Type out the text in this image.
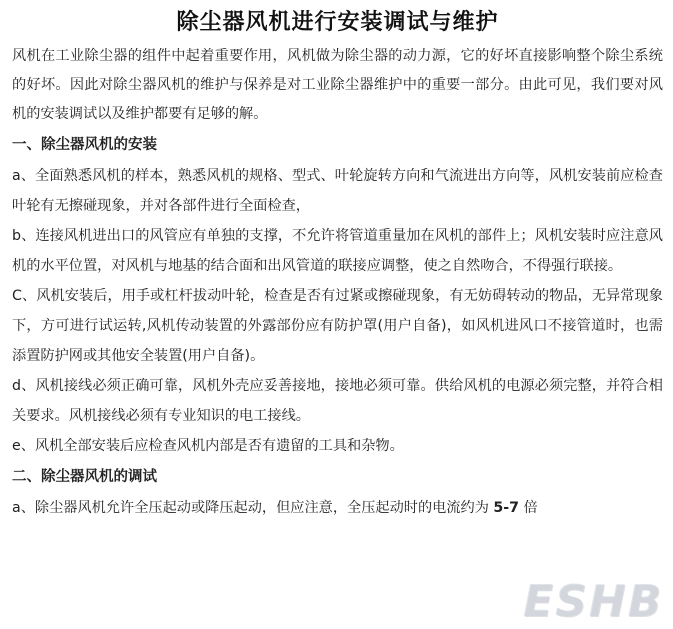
除尘器风机进行安装调试与维护

风机在工业除尘器的组件中起着重要作用，风机做为除尘器的动力源，它的好坏直接影响整个除尘系统的好坏。因此对除尘器风机的维护与保养是对工业除尘器维护中的重要一部分。由此可见，我们要对风机的安装调试以及维护都要有足够的解。

一、除尘器风机的安装

a、全面熟悉风机的样本，熟悉风机的规格、型式、叶轮旋转方向和气流进出方向等，风机安装前应检查叶轮有无擦碰现象，并对各部件进行全面检查，

b、连接风机进出口的风管应有单独的支撑，不允许将管道重量加在风机的部件上；风机安装时应注意风机的水平位置，对风机与地基的结合面和出风管道的联接应调整，使之自然吻合，不得强行联接。

C、风机安装后，用手或杠杆拔动叶轮，检查是否有过紧或擦碰现象，有无妨碍转动的物品，无异常现象下，方可进行试运转,风机传动装置的外露部份应有防护罩(用户自备)，如风机进风口不接管道时，也需添置防护网或其他安全装置(用户自备)。

d、风机接线必须正确可靠，风机外壳应妥善接地，接地必须可靠。供给风机的电源必须完整，并符合相关要求。风机接线必须有专业知识的电工接线。

e、风机全部安装后应检查风机内部是否有遗留的工具和杂物。

二、除尘器风机的调试

a、除尘器风机允许全压起动或降压起动，但应注意，全压起动时的电流约为 5-7 倍

ESHB
